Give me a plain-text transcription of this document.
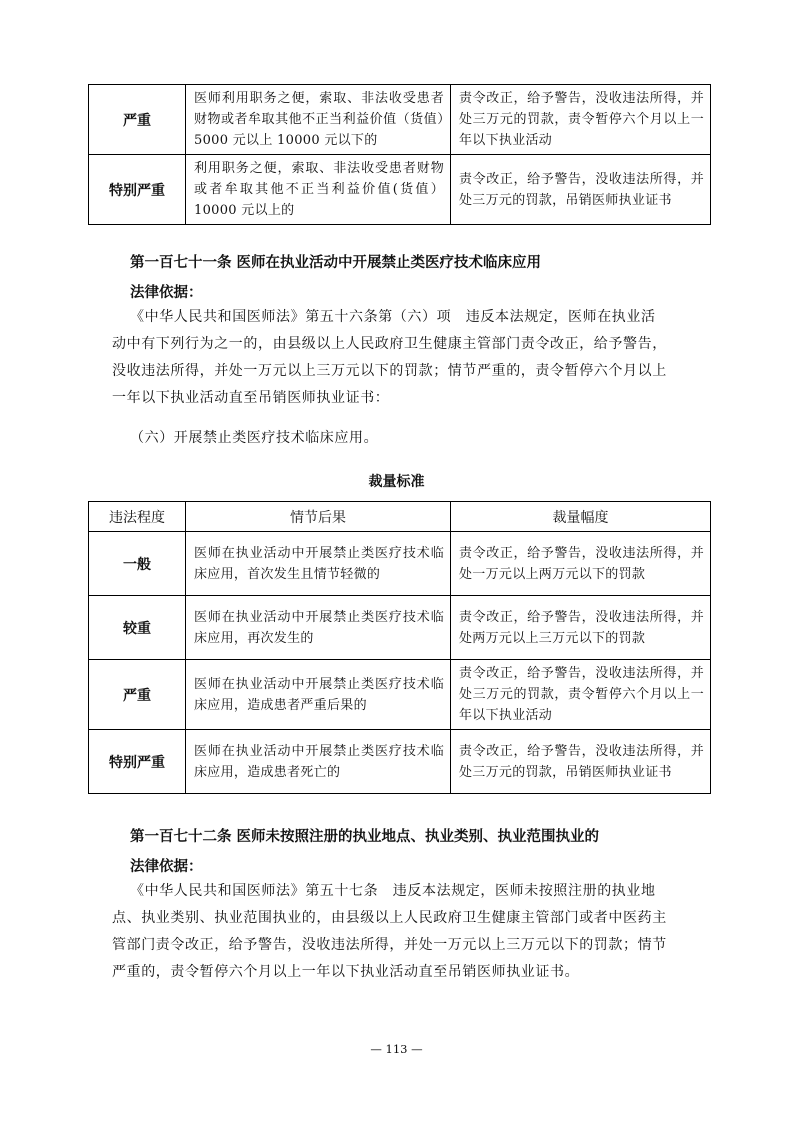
严重	医师利用职务之便，索取、非法收受患者财物或者牟取其他不正当利益价值（货值）5000 元以上 10000 元以下的	责令改正，给予警告，没收违法所得，并处三万元的罚款，责令暂停六个月以上一年以下执业活动
特别严重	利用职务之便，索取、非法收受患者财物或者牟取其他不正当利益价值(货值）10000 元以上的	责令改正，给予警告，没收违法所得，并处三万元的罚款，吊销医师执业证书
第一百七十一条 医师在执业活动中开展禁止类医疗技术临床应用
法律依据：
《中华人民共和国医师法》第五十六条第（六）项　违反本法规定，医师在执业活
动中有下列行为之一的，由县级以上人民政府卫生健康主管部门责令改正，给予警告，
没收违法所得，并处一万元以上三万元以下的罚款；情节严重的，责令暂停六个月以上
一年以下执业活动直至吊销医师执业证书：
（六）开展禁止类医疗技术临床应用。
裁量标准
违法程度	情节后果	裁量幅度
一般	医师在执业活动中开展禁止类医疗技术临床应用，首次发生且情节轻微的	责令改正，给予警告，没收违法所得，并处一万元以上两万元以下的罚款
较重	医师在执业活动中开展禁止类医疗技术临床应用，再次发生的	责令改正，给予警告，没收违法所得，并处两万元以上三万元以下的罚款
严重	医师在执业活动中开展禁止类医疗技术临床应用，造成患者严重后果的	责令改正，给予警告，没收违法所得，并处三万元的罚款，责令暂停六个月以上一年以下执业活动
特别严重	医师在执业活动中开展禁止类医疗技术临床应用，造成患者死亡的	责令改正，给予警告，没收违法所得，并处三万元的罚款，吊销医师执业证书
第一百七十二条 医师未按照注册的执业地点、执业类别、执业范围执业的
法律依据：
《中华人民共和国医师法》第五十七条　违反本法规定，医师未按照注册的执业地
点、执业类别、执业范围执业的，由县级以上人民政府卫生健康主管部门或者中医药主
管部门责令改正，给予警告，没收违法所得，并处一万元以上三万元以下的罚款；情节
严重的，责令暂停六个月以上一年以下执业活动直至吊销医师执业证书。
— 113 —
